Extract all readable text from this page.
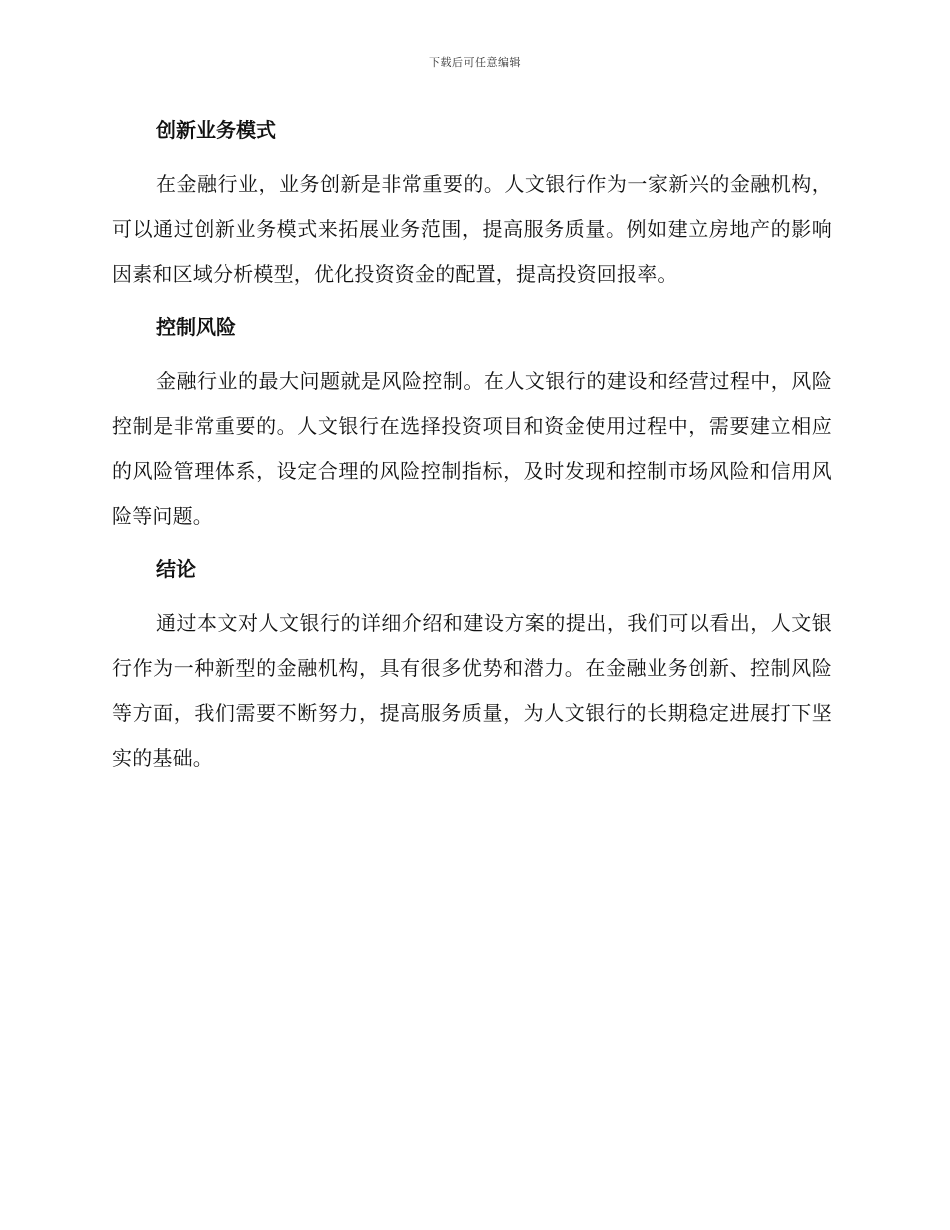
下载后可任意编辑
创新业务模式

在金融行业，业务创新是非常重要的。人文银行作为一家新兴的金融机构，可以通过创新业务模式来拓展业务范围，提高服务质量。例如建立房地产的影响因素和区域分析模型，优化投资资金的配置，提高投资回报率。

控制风险

金融行业的最大问题就是风险控制。在人文银行的建设和经营过程中，风险控制是非常重要的。人文银行在选择投资项目和资金使用过程中，需要建立相应的风险管理体系，设定合理的风险控制指标，及时发现和控制市场风险和信用风险等问题。

结论

通过本文对人文银行的详细介绍和建设方案的提出，我们可以看出，人文银行作为一种新型的金融机构，具有很多优势和潜力。在金融业务创新、控制风险等方面，我们需要不断努力，提高服务质量，为人文银行的长期稳定进展打下坚实的基础。
